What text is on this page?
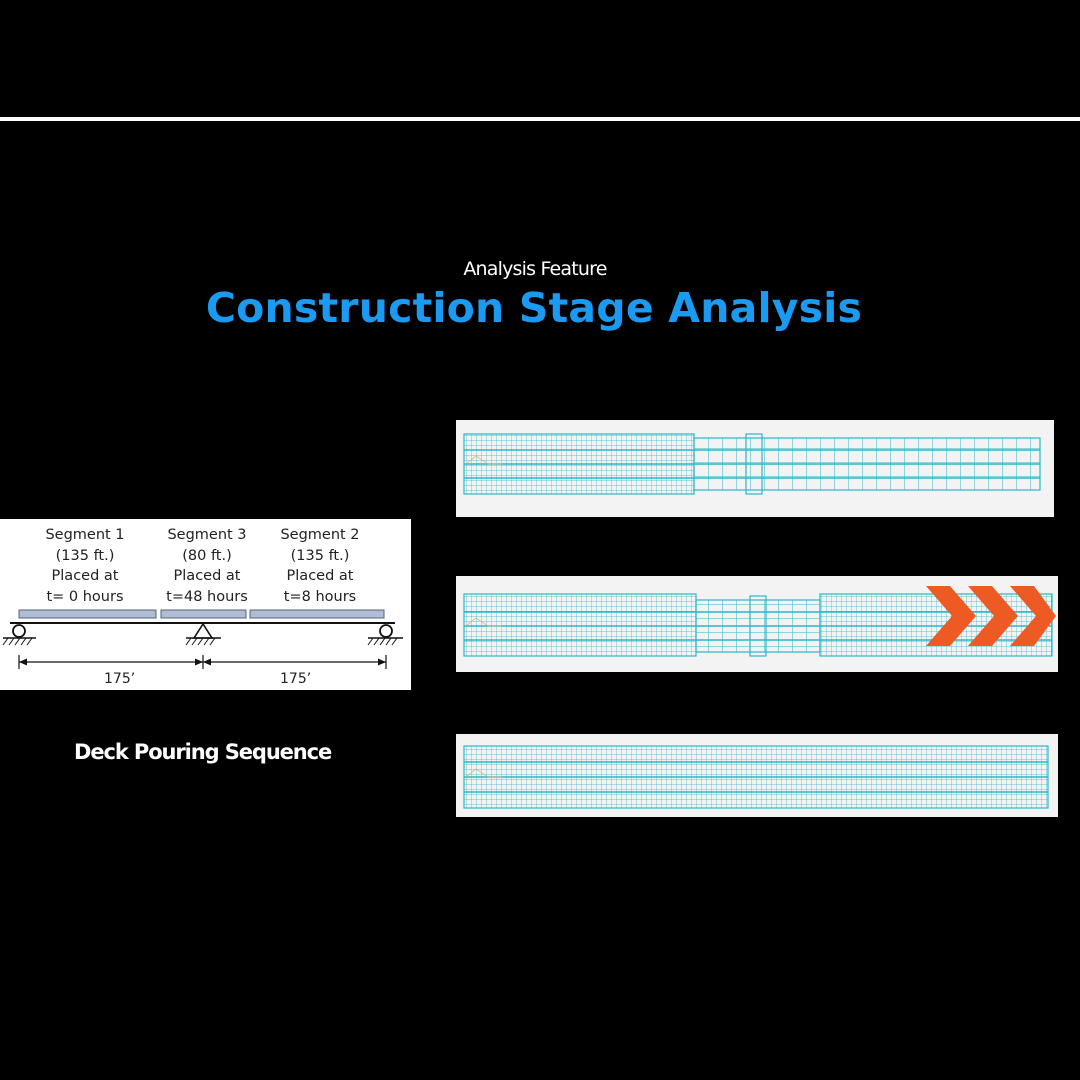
Analysis Feature
Construction Stage Analysis
Segment 1
(135 ft.)
Placed at
t= 0 hours
Segment 3
(80 ft.)
Placed at
t=48 hours
Segment 2
(135 ft.)
Placed at
t=8 hours
175’	175’
Deck Pouring Sequence
